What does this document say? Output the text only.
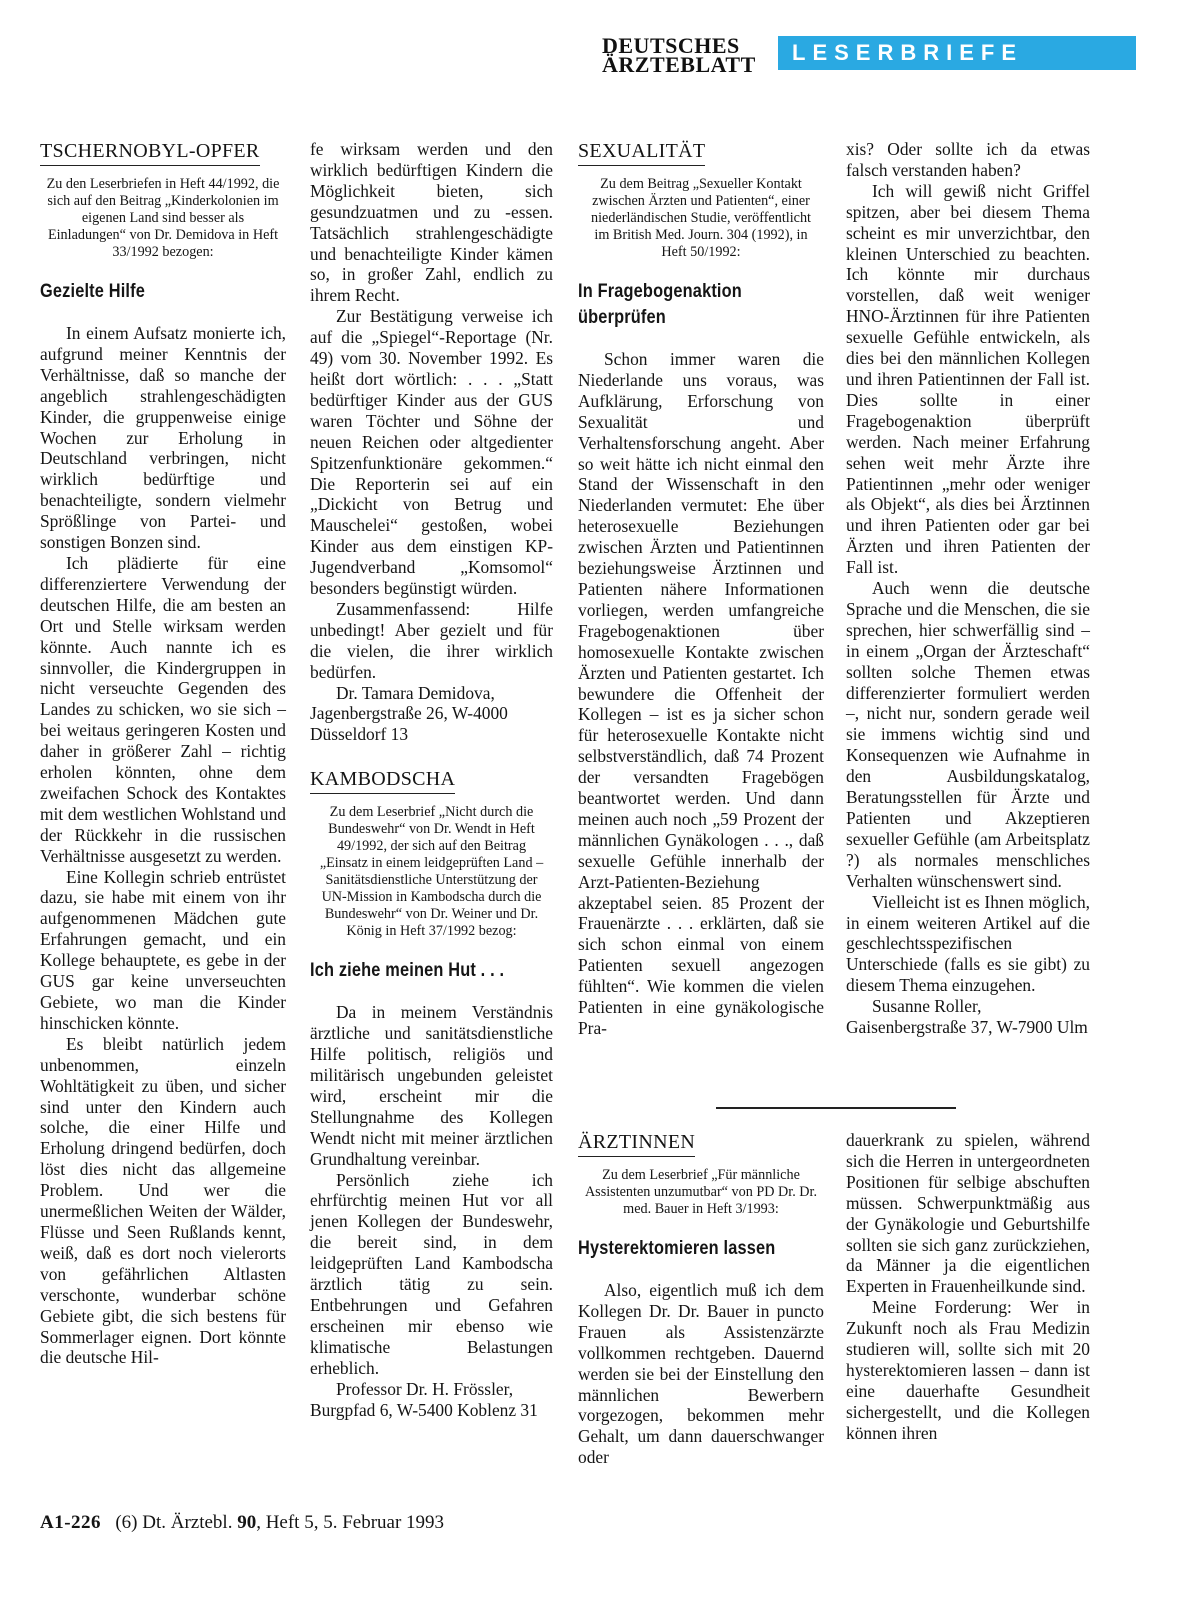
DEUTSCHES
ÄRZTEBLATT	LESERBRIEFE
TSCHERNOBYL-OPFER
Zu den Leserbriefen in Heft 44/1992, die sich auf den Beitrag „Kinderkolonien im eigenen Land sind besser als Einladungen“ von Dr. Demidova in Heft 33/1992 bezogen:
Gezielte Hilfe

In einem Aufsatz monierte ich, aufgrund meiner Kenntnis der Verhältnisse, daß so manche der angeblich strahlengeschädigten Kinder, die gruppenweise einige Wochen zur Erholung in Deutschland verbringen, nicht wirklich bedürftige und benachteiligte, sondern vielmehr Sprößlinge von Partei- und sonstigen Bonzen sind.

Ich plädierte für eine differenziertere Verwendung der deutschen Hilfe, die am besten an Ort und Stelle wirksam werden könnte. Auch nannte ich es sinnvoller, die Kindergruppen in nicht verseuchte Gegenden des Landes zu schicken, wo sie sich – bei weitaus geringeren Kosten und daher in größerer Zahl – richtig erholen könnten, ohne dem zweifachen Schock des Kontaktes mit dem westlichen Wohlstand und der Rückkehr in die russischen Verhältnisse ausgesetzt zu werden.

Eine Kollegin schrieb entrüstet dazu, sie habe mit einem von ihr aufgenommenen Mädchen gute Erfahrungen gemacht, und ein Kollege behauptete, es gebe in der GUS gar keine unverseuchten Gebiete, wo man die Kinder hinschicken könnte.

Es bleibt natürlich jedem unbenommen, einzeln Wohltätigkeit zu üben, und sicher sind unter den Kindern auch solche, die einer Hilfe und Erholung dringend bedürfen, doch löst dies nicht das allgemeine Problem. Und wer die unermeßlichen Weiten der Wälder, Flüsse und Seen Rußlands kennt, weiß, daß es dort noch vielerorts von gefährlichen Altlasten verschonte, wunderbar schöne Gebiete gibt, die sich bestens für Sommerlager eignen. Dort könnte die deutsche Hil-

fe wirksam werden und den wirklich bedürftigen Kindern die Möglichkeit bieten, sich gesundzuatmen und zu -essen. Tatsächlich strahlengeschädigte und benachteiligte Kinder kämen so, in großer Zahl, endlich zu ihrem Recht.

Zur Bestätigung verweise ich auf die „Spiegel“-Reportage (Nr. 49) vom 30. November 1992. Es heißt dort wörtlich: . . . „Statt bedürftiger Kinder aus der GUS waren Töchter und Söhne der neuen Reichen oder altgedienter Spitzenfunktionäre gekommen.“ Die Reporterin sei auf ein „Dickicht von Betrug und Mauschelei“ gestoßen, wobei Kinder aus dem einstigen KP-Jugendverband „Komsomol“ besonders begünstigt würden.

Zusammenfassend: Hilfe unbedingt! Aber gezielt und für die vielen, die ihrer wirklich bedürfen.

Dr. Tamara Demidova, Jagenbergstraße 26, W-4000 Düsseldorf 13

KAMBODSCHA
Zu dem Leserbrief „Nicht durch die Bundeswehr“ von Dr. Wendt in Heft 49/1992, der sich auf den Beitrag „Einsatz in einem leidgeprüften Land – Sanitätsdienstliche Unterstützung der UN-Mission in Kambodscha durch die Bundeswehr“ von Dr. Weiner und Dr. König in Heft 37/1992 bezog:
Ich ziehe meinen Hut . . .

Da in meinem Verständnis ärztliche und sanitätsdienstliche Hilfe politisch, religiös und militärisch ungebunden geleistet wird, erscheint mir die Stellungnahme des Kollegen Wendt nicht mit meiner ärztlichen Grundhaltung vereinbar.

Persönlich ziehe ich ehrfürchtig meinen Hut vor all jenen Kollegen der Bundeswehr, die bereit sind, in dem leidgeprüften Land Kambodscha ärztlich tätig zu sein. Entbehrungen und Gefahren erscheinen mir ebenso wie klimatische Belastungen erheblich.

Professor Dr. H. Frössler, Burgpfad 6, W-5400 Koblenz 31

SEXUALITÄT
Zu dem Beitrag „Sexueller Kontakt zwischen Ärzten und Patienten“, einer niederländischen Studie, veröffentlicht im British Med. Journ. 304 (1992), in Heft 50/1992:
In Fragebogenaktion überprüfen

Schon immer waren die Niederlande uns voraus, was Aufklärung, Erforschung von Sexualität und Verhaltensforschung angeht. Aber so weit hätte ich nicht einmal den Stand der Wissenschaft in den Niederlanden vermutet: Ehe über heterosexuelle Beziehungen zwischen Ärzten und Patientinnen beziehungsweise Ärztinnen und Patienten nähere Informationen vorliegen, werden umfangreiche Fragebogenaktionen über homosexuelle Kontakte zwischen Ärzten und Patienten gestartet. Ich bewundere die Offenheit der Kollegen – ist es ja sicher schon für heterosexuelle Kontakte nicht selbstverständlich, daß 74 Prozent der versandten Fragebögen beantwortet werden. Und dann meinen auch noch „59 Prozent der männlichen Gynäkologen . . ., daß sexuelle Gefühle innerhalb der Arzt-Patienten-Beziehung akzeptabel seien. 85 Prozent der Frauenärzte . . . erklärten, daß sie sich schon einmal von einem Patienten sexuell angezogen fühlten“. Wie kommen die vielen Patienten in eine gynäkologische Pra-

ÄRZTINNEN
Zu dem Leserbrief „Für männliche Assistenten unzumutbar“ von PD Dr. Dr. med. Bauer in Heft 3/1993:
Hysterektomieren lassen

Also, eigentlich muß ich dem Kollegen Dr. Dr. Bauer in puncto Frauen als Assistenzärzte vollkommen rechtgeben. Dauernd werden sie bei der Einstellung den männlichen Bewerbern vorgezogen, bekommen mehr Gehalt, um dann dauerschwanger oder

xis? Oder sollte ich da etwas falsch verstanden haben?

Ich will gewiß nicht Griffel spitzen, aber bei diesem Thema scheint es mir unverzichtbar, den kleinen Unterschied zu beachten. Ich könnte mir durchaus vorstellen, daß weit weniger HNO-Ärztinnen für ihre Patienten sexuelle Gefühle entwickeln, als dies bei den männlichen Kollegen und ihren Patientinnen der Fall ist. Dies sollte in einer Fragebogenaktion überprüft werden. Nach meiner Erfahrung sehen weit mehr Ärzte ihre Patientinnen „mehr oder weniger als Objekt“, als dies bei Ärztinnen und ihren Patienten oder gar bei Ärzten und ihren Patienten der Fall ist.

Auch wenn die deutsche Sprache und die Menschen, die sie sprechen, hier schwerfällig sind – in einem „Organ der Ärzteschaft“ sollten solche Themen etwas differenzierter formuliert werden –, nicht nur, sondern gerade weil sie immens wichtig sind und Konsequenzen wie Aufnahme in den Ausbildungskatalog, Beratungsstellen für Ärzte und Patienten und Akzeptieren sexueller Gefühle (am Arbeitsplatz ?) als normales menschliches Verhalten wünschenswert sind.

Vielleicht ist es Ihnen möglich, in einem weiteren Artikel auf die geschlechtsspezifischen Unterschiede (falls es sie gibt) zu diesem Thema einzugehen.

Susanne Roller, Gaisenbergstraße 37, W-7900 Ulm

dauerkrank zu spielen, während sich die Herren in untergeordneten Positionen für selbige abschuften müssen. Schwerpunktmäßig aus der Gynäkologie und Geburtshilfe sollten sie sich ganz zurückziehen, da Männer ja die eigentlichen Experten in Frauenheilkunde sind.

Meine Forderung: Wer in Zukunft noch als Frau Medizin studieren will, sollte sich mit 20 hysterektomieren lassen – dann ist eine dauerhafte Gesundheit sichergestellt, und die Kollegen können ihren

A1-226 (6) Dt. Ärztebl. 90, Heft 5, 5. Februar 1993
